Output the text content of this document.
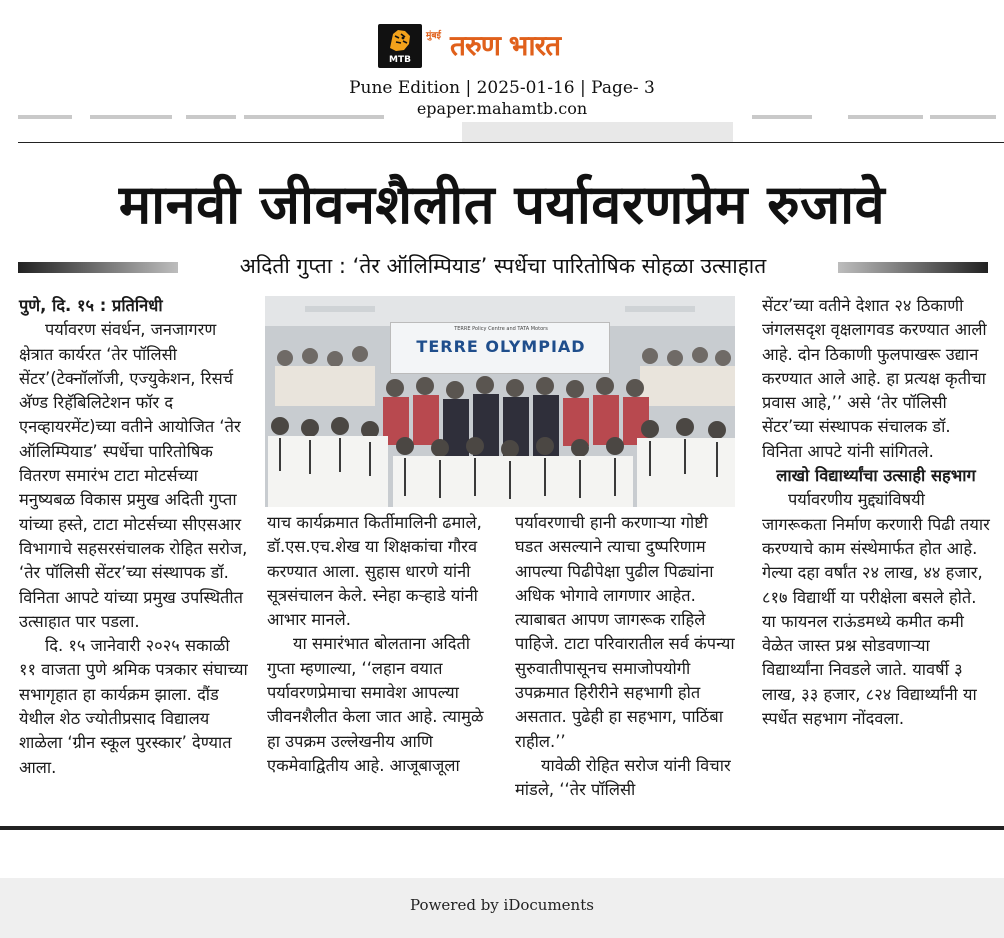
MTB
मुंबई तरुण भारत
Pune Edition | 2025-01-16 | Page- 3
epaper.mahamtb.con
मानवी जीवनशैलीत पर्यावरणप्रेम रुजावे
अदिती गुप्ता : ‘तेर ऑलिम्पियाड’ स्पर्धेचा पारितोषिक सोहळा उत्साहात

पुणे, दि. १५ : प्रतिनिधी

पर्यावरण संवर्धन, जनजागरण क्षेत्रात कार्यरत ‘तेर पॉलिसी सेंटर’(टेक्नॉलॉजी, एज्युकेशन, रिसर्च अ‍ॅण्ड रिहॅबिलिटेशन फॉर द एनव्हायरमेंट)च्या वतीने आयोजित ‘तेर ऑलिम्पियाड’ स्पर्धेचा पारितोषिक वितरण समारंभ टाटा मोटर्सच्या मनुष्यबळ विकास प्रमुख अदिती गुप्ता यांच्या हस्ते, टाटा मोटर्सच्या सीएसआर विभागाचे सहसरसंचालक रोहित सरोज, ‘तेर पॉलिसी सेंटर’च्या संस्थापक डॉ. विनिता आपटे यांच्या प्रमुख उपस्थितीत उत्साहात पार पडला.

दि. १५ जानेवारी २०२५ सकाळी ११ वाजता पुणे श्रमिक पत्रकार संघाच्या सभागृहात हा कार्यक्रम झाला. दौंड येथील शेठ ज्योतीप्रसाद विद्यालय शाळेला ‘ग्रीन स्कूल पुरस्कार’ देण्यात आला.

TERRE Policy Centre and TATA Motors
TERRE OLYMPIAD

याच कार्यक्रमात किर्तीमालिनी ढमाले, डॉ.एस.एच.शेख या शिक्षकांचा गौरव करण्यात आला. सुहास धारणे यांनी सूत्रसंचालन केले. स्नेहा कऱ्हाडे यांनी आभार मानले.

या समारंभात बोलताना अदिती गुप्ता म्हणाल्या, ‘‘लहान वयात पर्यावरणप्रेमाचा समावेश आपल्या जीवनशैलीत केला जात आहे. त्यामुळे हा उपक्रम उल्लेखनीय आणि एकमेवाद्वितीय आहे. आजूबाजूला

पर्यावरणाची हानी करणाऱ्या गोष्टी घडत असल्याने त्याचा दुष्परिणाम आपल्या पिढीपेक्षा पुढील पिढ्यांना अधिक भोगावे लागणार आहेत. त्याबाबत आपण जागरूक राहिले पाहिजे. टाटा परिवारातील सर्व कंपन्या सुरुवातीपासूनच समाजोपयोगी उपक्रमात हिरीरीने सहभागी होत असतात. पुढेही हा सहभाग, पाठिंबा राहील.’’

यावेळी रोहित सरोज यांनी विचार मांडले, ‘‘तेर पॉलिसी

सेंटर’च्या वतीने देशात २४ ठिकाणी जंगलसदृश वृक्षलागवड करण्यात आली आहे. दोन ठिकाणी फुलपाखरू उद्यान करण्यात आले आहे. हा प्रत्यक्ष कृतीचा प्रवास आहे,’’ असे ‘तेर पॉलिसी सेंटर’च्या संस्थापक संचालक डॉ. विनिता आपटे यांनी सांगितले.

लाखो विद्यार्थ्यांचा उत्साही सहभाग

पर्यावरणीय मुद्द्यांविषयी जागरूकता निर्माण करणारी पिढी तयार करण्याचे काम संस्थेमार्फत होत आहे. गेल्या दहा वर्षांत २४ लाख, ४४ हजार, ८१७ विद्यार्थी या परीक्षेला बसले होते. या फायनल राऊंडमध्ये कमीत कमी वेळेत जास्त प्रश्न सोडवणाऱ्या विद्यार्थ्यांना निवडले जाते. यावर्षी ३ लाख, ३३ हजार, ८२४ विद्यार्थ्यांनी या स्पर्धेत सहभाग नोंदवला.

Powered by iDocuments
